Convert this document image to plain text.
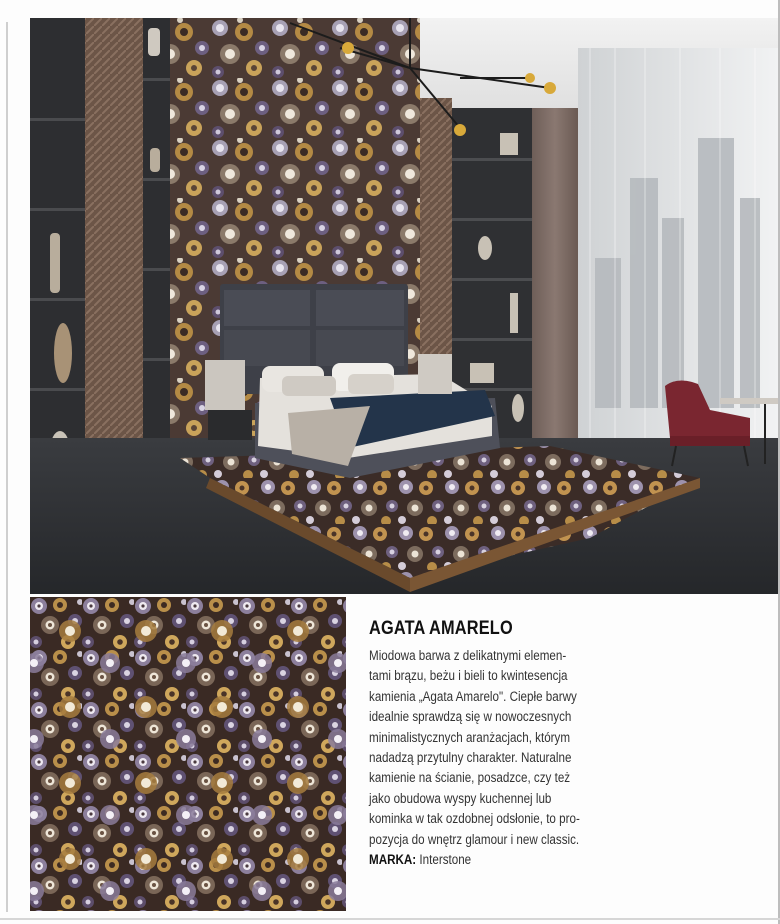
AGATA AMARELO
Miodowa barwa z delikatnymi elemen-
tami brązu, beżu i bieli to kwintesencja
kamienia „Agata Amarelo". Ciepłe barwy
idealnie sprawdzą się w nowoczesnych
minimalistycznych aranżacjach, którym
nadadzą przytulny charakter. Naturalne
kamienie na ścianie, posadzce, czy też
jako obudowa wyspy kuchennej lub
kominka w tak ozdobnej odsłonie, to pro-
pozycja do wnętrz glamour i new classic.
MARKA: Interstone
